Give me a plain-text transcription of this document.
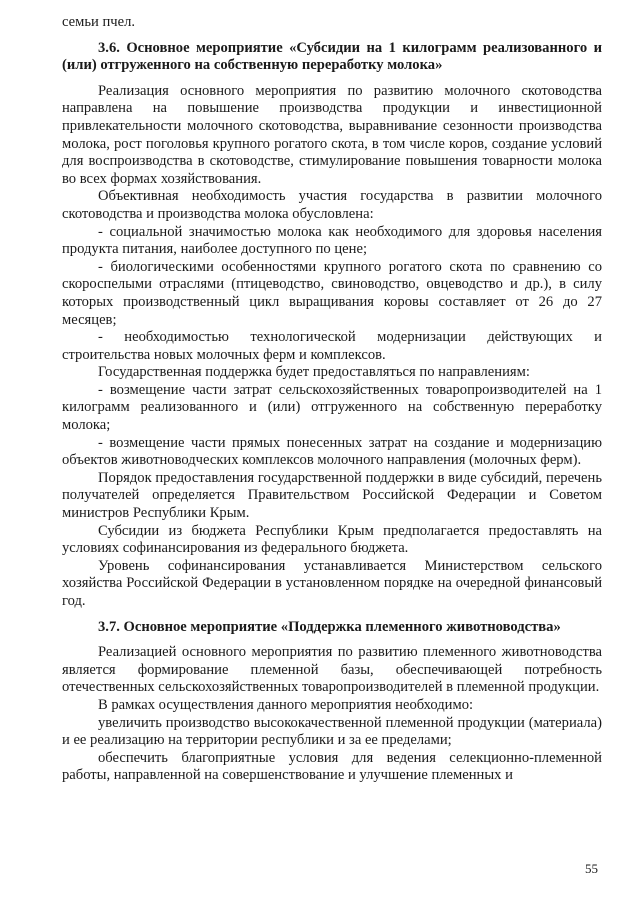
семьи пчел.

3.6. Основное мероприятие «Субсидии на 1 килограмм реализованного и (или) отгруженного на собственную переработку молока»

Реализация основного мероприятия по развитию молочного скотоводства направлена на повышение производства продукции и инвестиционной привлекательности молочного скотоводства, выравнивание сезонности производства молока, рост поголовья крупного рогатого скота, в том числе коров, создание условий для воспроизводства в скотоводстве, стимулирование повышения товарности молока во всех формах хозяйствования.

Объективная необходимость участия государства в развитии молочного скотоводства и производства молока обусловлена:

- социальной значимостью молока как необходимого для здоровья населения продукта питания, наиболее доступного по цене;

- биологическими особенностями крупного рогатого скота по сравнению со скороспелыми отраслями (птицеводство, свиноводство, овцеводство и др.), в силу которых производственный цикл выращивания коровы составляет от 26 до 27 месяцев;

- необходимостью технологической модернизации действующих и строительства новых молочных ферм и комплексов.

Государственная поддержка будет предоставляться по направлениям:

- возмещение части затрат сельскохозяйственных товаропроизводителей на 1 килограмм реализованного и (или) отгруженного на собственную переработку молока;

- возмещение части прямых понесенных затрат на создание и модернизацию объектов животноводческих комплексов молочного направления (молочных ферм).

Порядок предоставления государственной поддержки в виде субсидий, перечень получателей определяется Правительством Российской Федерации и Советом министров Республики Крым.

Субсидии из бюджета Республики Крым предполагается предоставлять на условиях софинансирования из федерального бюджета.

Уровень софинансирования устанавливается Министерством сельского хозяйства Российской Федерации в установленном порядке на очередной финансовый год.

3.7. Основное мероприятие «Поддержка племенного животноводства»

Реализацией основного мероприятия по развитию племенного животноводства является формирование племенной базы, обеспечивающей потребность отечественных сельскохозяйственных товаропроизводителей в племенной продукции.

В рамках осуществления данного мероприятия необходимо:

увеличить производство высококачественной племенной продукции (материала) и ее реализацию на территории республики и за ее пределами;

обеспечить благоприятные условия для ведения селекционно-племенной работы, направленной на совершенствование и улучшение племенных и

55
